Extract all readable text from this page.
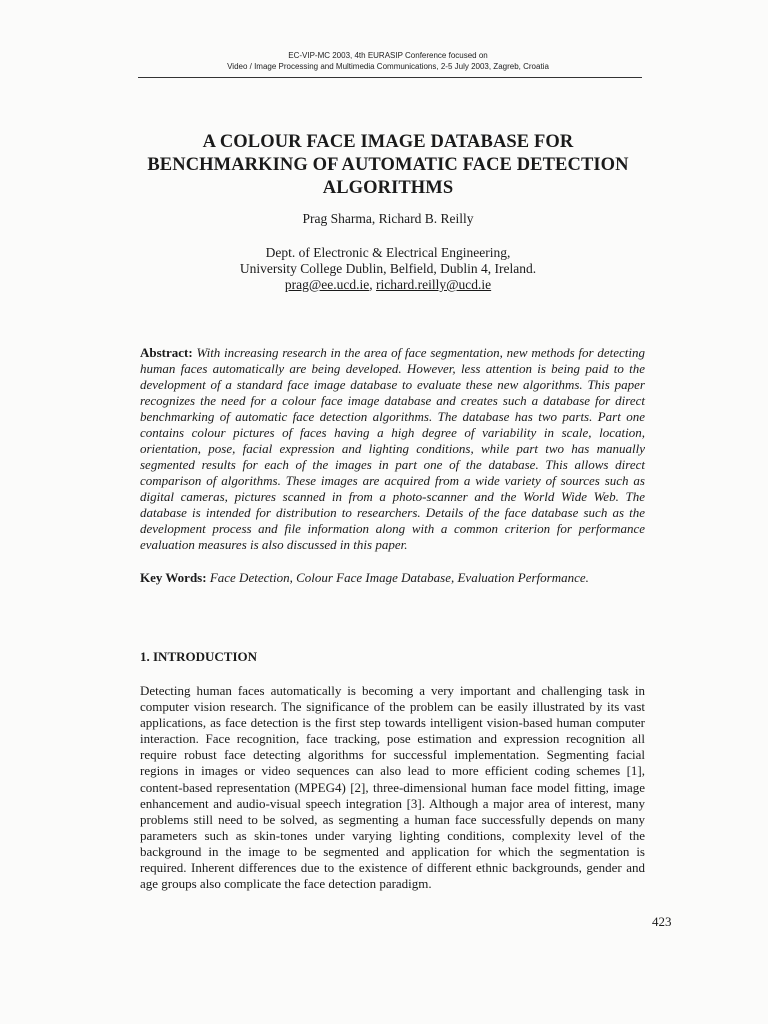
EC-VIP-MC 2003, 4th EURASIP Conference focused on
Video / Image Processing and Multimedia Communications, 2-5 July 2003, Zagreb, Croatia
A COLOUR FACE IMAGE DATABASE FOR
BENCHMARKING OF AUTOMATIC FACE DETECTION
ALGORITHMS
Prag Sharma, Richard B. Reilly
Dept. of Electronic & Electrical Engineering,
University College Dublin, Belfield, Dublin 4, Ireland.
prag@ee.ucd.ie, richard.reilly@ucd.ie

Abstract: With increasing research in the area of face segmentation, new methods for detecting human faces automatically are being developed. However, less attention is being paid to the development of a standard face image database to evaluate these new algorithms. This paper recognizes the need for a colour face image database and creates such a database for direct benchmarking of automatic face detection algorithms. The database has two parts. Part one contains colour pictures of faces having a high degree of variability in scale, location, orientation, pose, facial expression and lighting conditions, while part two has manually segmented results for each of the images in part one of the database. This allows direct comparison of algorithms. These images are acquired from a wide variety of sources such as digital cameras, pictures scanned in from a photo-scanner and the World Wide Web. The database is intended for distribution to researchers. Details of the face database such as the development process and file information along with a common criterion for performance evaluation measures is also discussed in this paper.

Key Words: Face Detection, Colour Face Image Database, Evaluation Performance.

1. INTRODUCTION

Detecting human faces automatically is becoming a very important and challenging task in computer vision research. The significance of the problem can be easily illustrated by its vast applications, as face detection is the first step towards intelligent vision-based human computer interaction. Face recognition, face tracking, pose estimation and expression recognition all require robust face detecting algorithms for successful implementation. Segmenting facial regions in images or video sequences can also lead to more efficient coding schemes [1], content-based representation (MPEG4) [2], three-dimensional human face model fitting, image enhancement and audio-visual speech integration [3]. Although a major area of interest, many problems still need to be solved, as segmenting a human face successfully depends on many parameters such as skin-tones under varying lighting conditions, complexity level of the background in the image to be segmented and application for which the segmentation is required. Inherent differences due to the existence of different ethnic backgrounds, gender and age groups also complicate the face detection paradigm.

423
